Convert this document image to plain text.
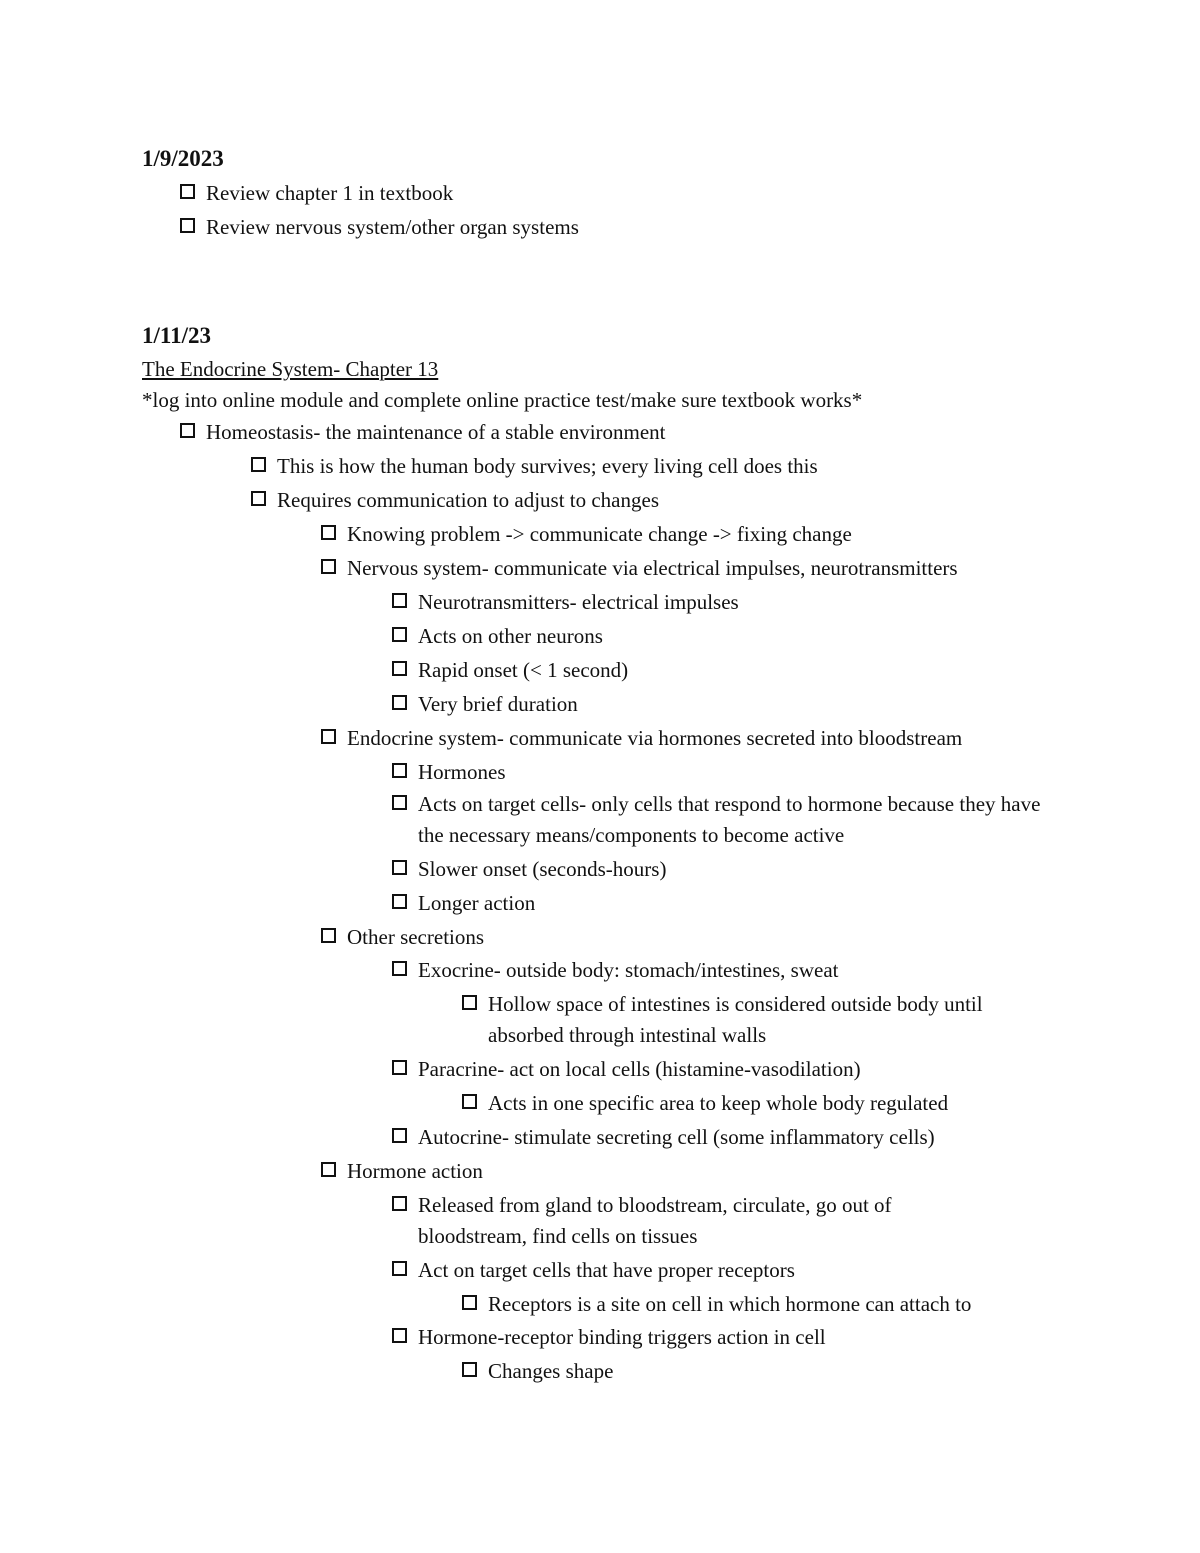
1/9/2023
Review chapter 1 in textbook
Review nervous system/other organ systems
1/11/23
The Endocrine System- Chapter 13
*log into online module and complete online practice test/make sure textbook works*
Homeostasis- the maintenance of a stable environment
This is how the human body survives; every living cell does this
Requires communication to adjust to changes
Knowing problem -> communicate change -> fixing change
Nervous system- communicate via electrical impulses, neurotransmitters
Neurotransmitters- electrical impulses
Acts on other neurons
Rapid onset (< 1 second)
Very brief duration
Endocrine system- communicate via hormones secreted into bloodstream
Hormones
Acts on target cells- only cells that respond to hormone because they have the necessary means/components to become active
Slower onset (seconds-hours)
Longer action
Other secretions
Exocrine- outside body: stomach/intestines, sweat
Hollow space of intestines is considered outside body until absorbed through intestinal walls
Paracrine- act on local cells (histamine-vasodilation)
Acts in one specific area to keep whole body regulated
Autocrine- stimulate secreting cell (some inflammatory cells)
Hormone action
Released from gland to bloodstream, circulate, go out of bloodstream, find cells on tissues
Act on target cells that have proper receptors
Receptors is a site on cell in which hormone can attach to
Hormone-receptor binding triggers action in cell
Changes shape
